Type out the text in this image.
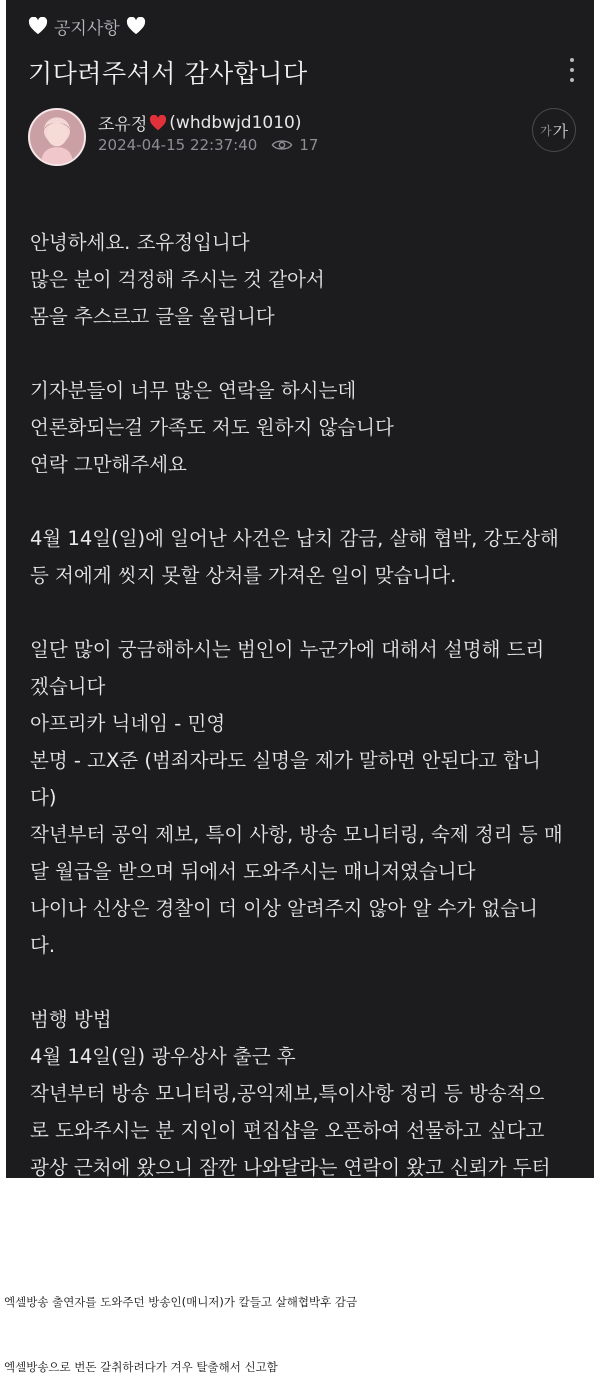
공지사항
기다려주셔서 감사합니다
조유정 (whdbwjd1010)
2024-04-15 22:37:40	17
가 가
안녕하세요. 조유정입니다
많은 분이 걱정해 주시는 것 같아서
몸을 추스르고 글을 올립니다
기자분들이 너무 많은 연락을 하시는데
언론화되는걸 가족도 저도 원하지 않습니다
연락 그만해주세요
4월 14일(일)에 일어난 사건은 납치 감금, 살해 협박, 강도상해
등 저에게 씻지 못할 상처를 가져온 일이 맞습니다.
일단 많이 궁금해하시는 범인이 누군가에 대해서 설명해 드리
겠습니다
아프리카 닉네임 - 민영
본명 - 고X준 (범죄자라도 실명을 제가 말하면 안된다고 합니
다)
작년부터 공익 제보, 특이 사항, 방송 모니터링, 숙제 정리 등 매
달 월급을 받으며 뒤에서 도와주시는 매니저였습니다
나이나 신상은 경찰이 더 이상 알려주지 않아 알 수가 없습니
다.
범행 방법
4월 14일(일) 광우상사 출근 후
작년부터 방송 모니터링,공익제보,특이사항 정리 등 방송적으
로 도와주시는 분 지인이 편집샵을 오픈하여 선물하고 싶다고
광상 근처에 왔으니 잠깐 나와달라는 연락이 왔고 신뢰가 두터
엑셀방송 출연자를 도와주던 방송인(매니저)가 칼들고 살해협박후 감금
엑셀방송으로 번돈 갈취하려다가 겨우 탈출해서 신고함
